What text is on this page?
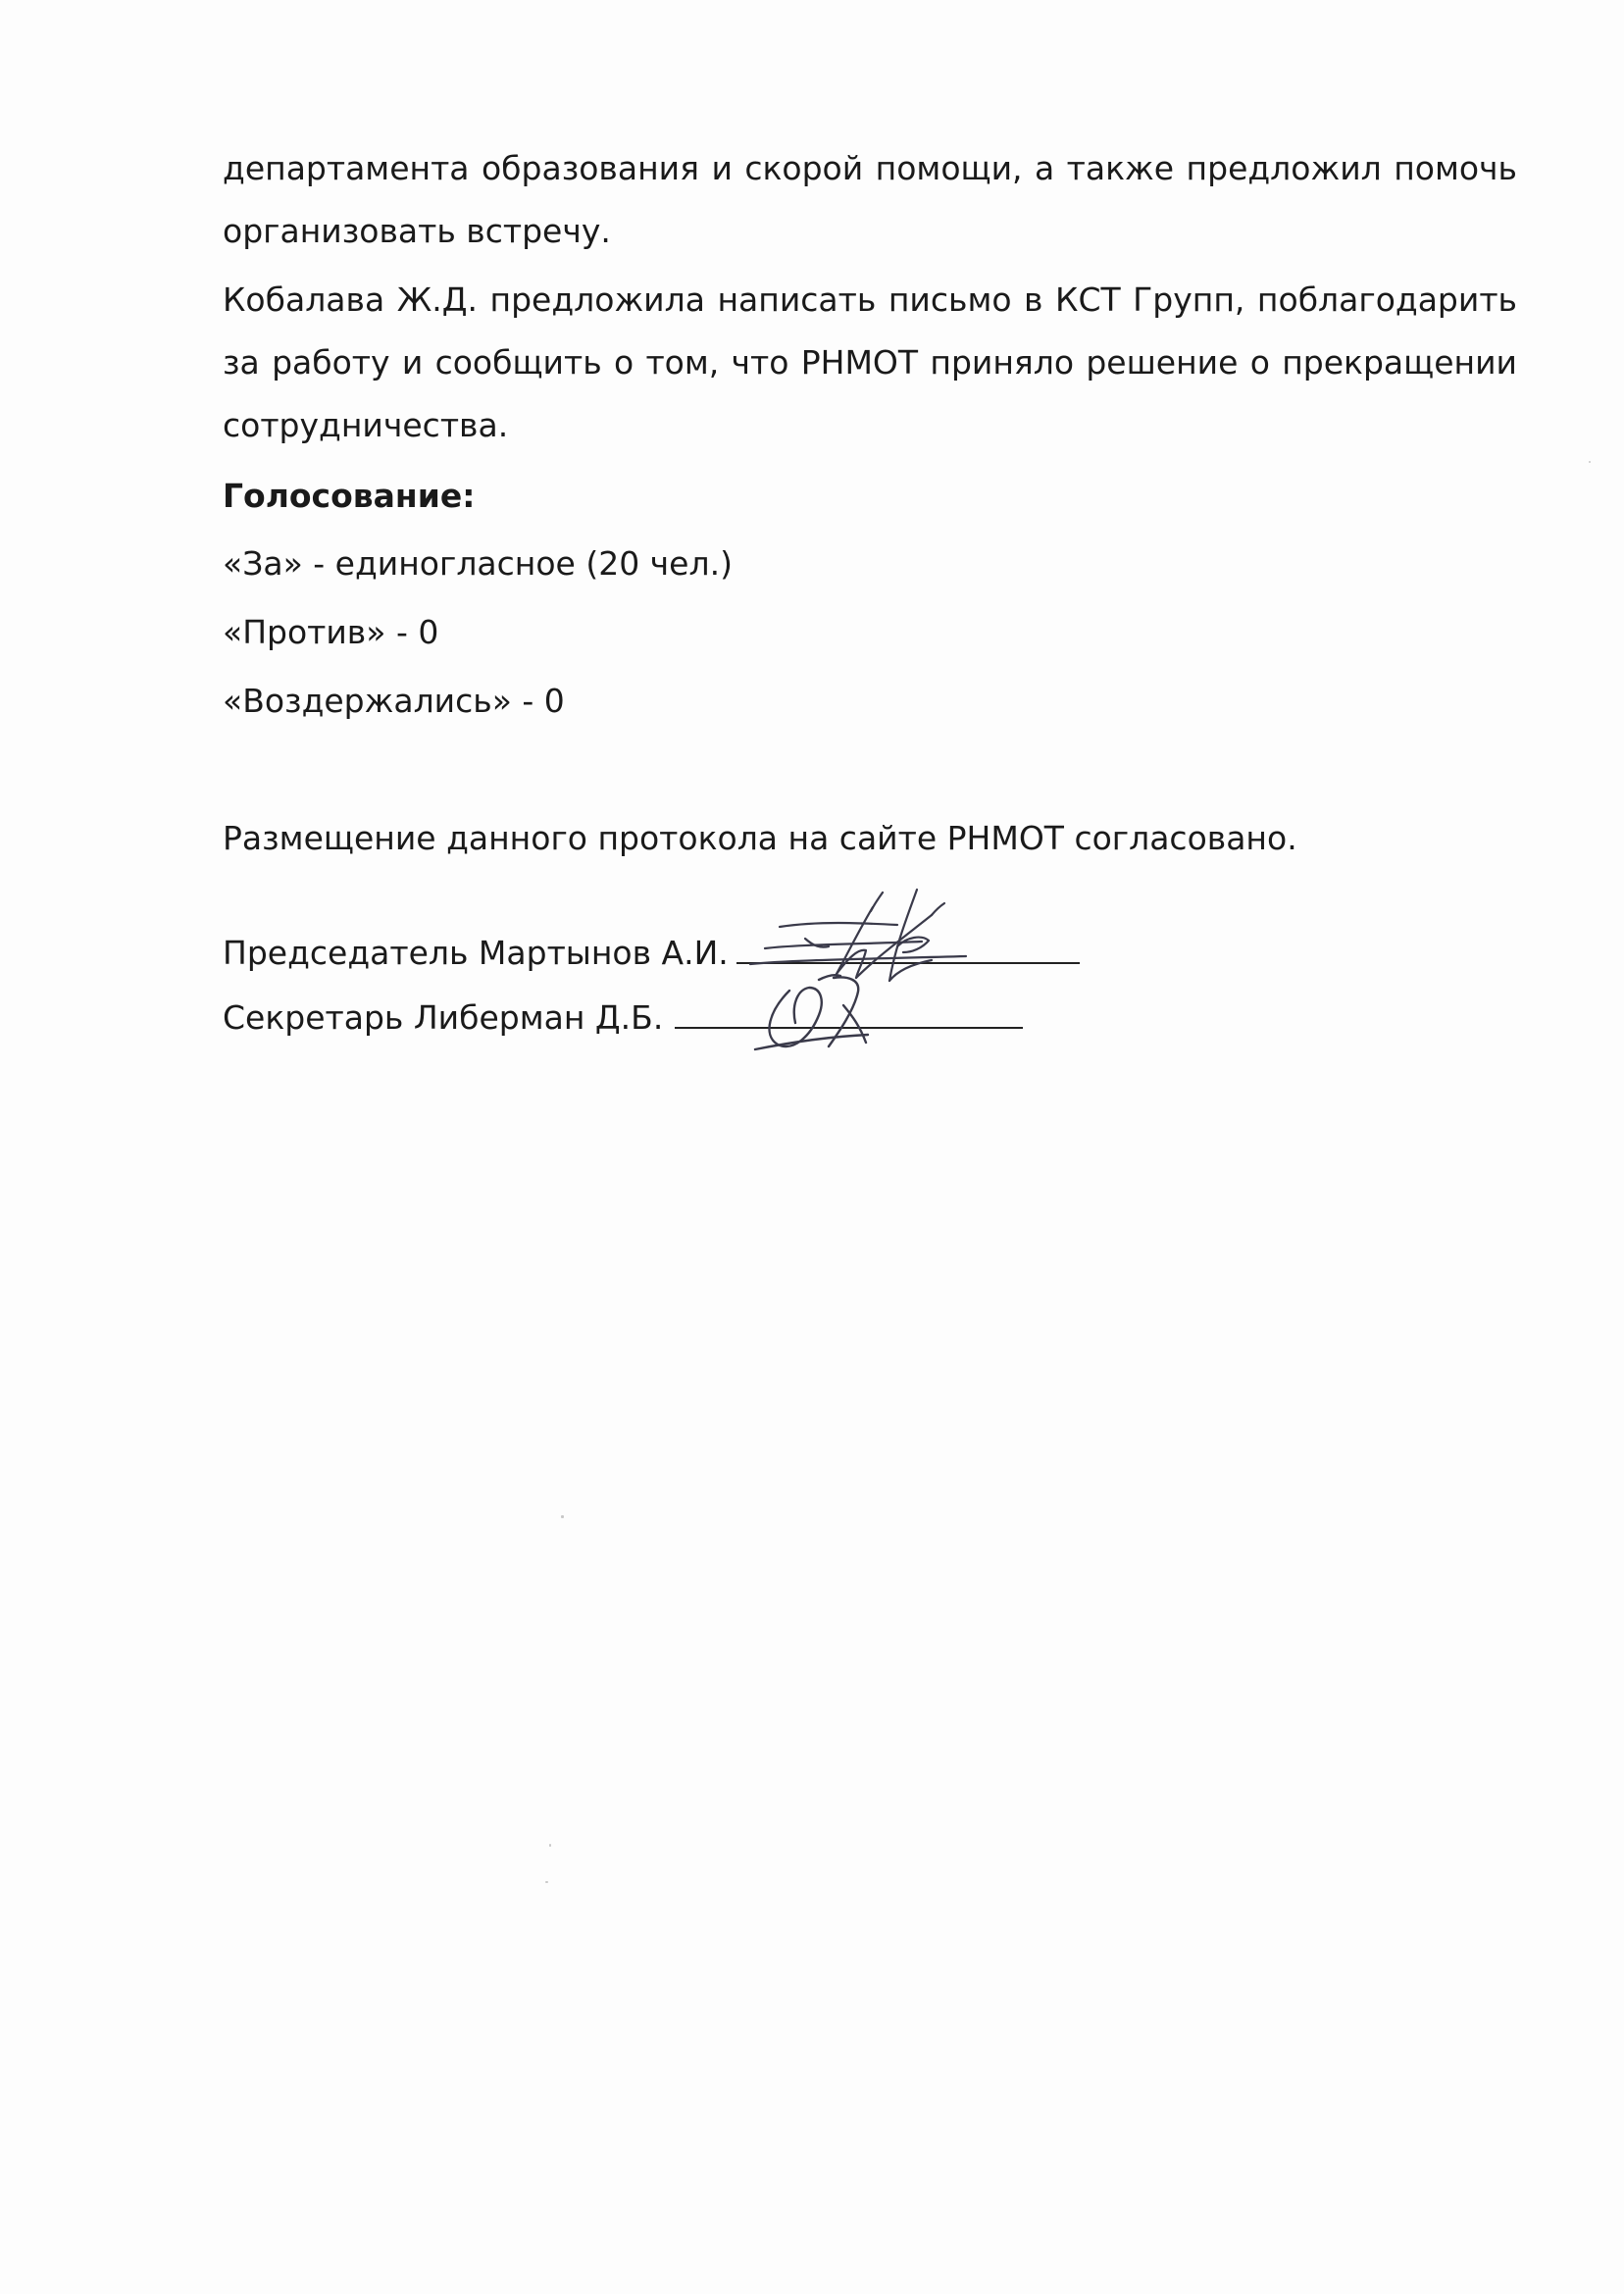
департамента образования и скорой помощи, а также предложил помочь организовать встречу.

Кобалава Ж.Д. предложила написать письмо в КСТ Групп, поблагодарить за работу и сообщить о том, что РНМОТ приняло решение о прекращении сотрудничества.

Голосование:
«За» - единогласное (20 чел.)
«Против» - 0
«Воздержались» - 0
Размещение данного протокола на сайте РНМОТ согласовано.
Председатель Мартынов А.И.
Секретарь Либерман Д.Б.
